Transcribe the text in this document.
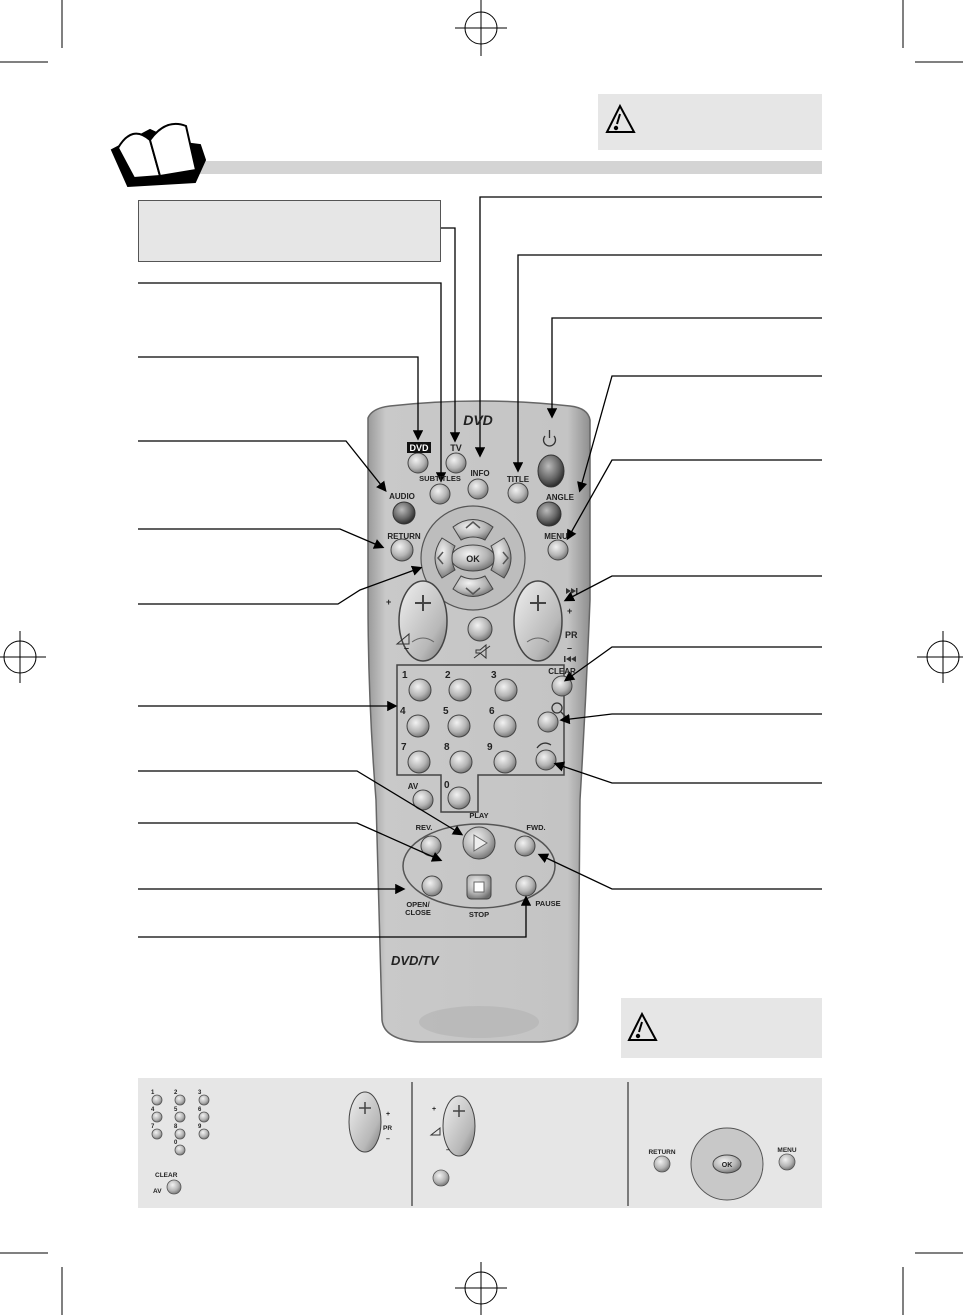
DVD
DVD TV
SUBTITLES
INFO
TITLE
ANGLE
AUDIO
RETURN	MENU
OK
+
–
+
PR
–
CLEAR
1	2	3
4	5	6
7	8	9
0
AV
PLAY
REV.	FWD.
OPEN/
CLOSE	STOP
PAUSE
DVD/TV
1	2	3
4	5	6
7	8	9
0
CLEAR
AV
+
PR
–
+
–
OK
RETURN	MENU
